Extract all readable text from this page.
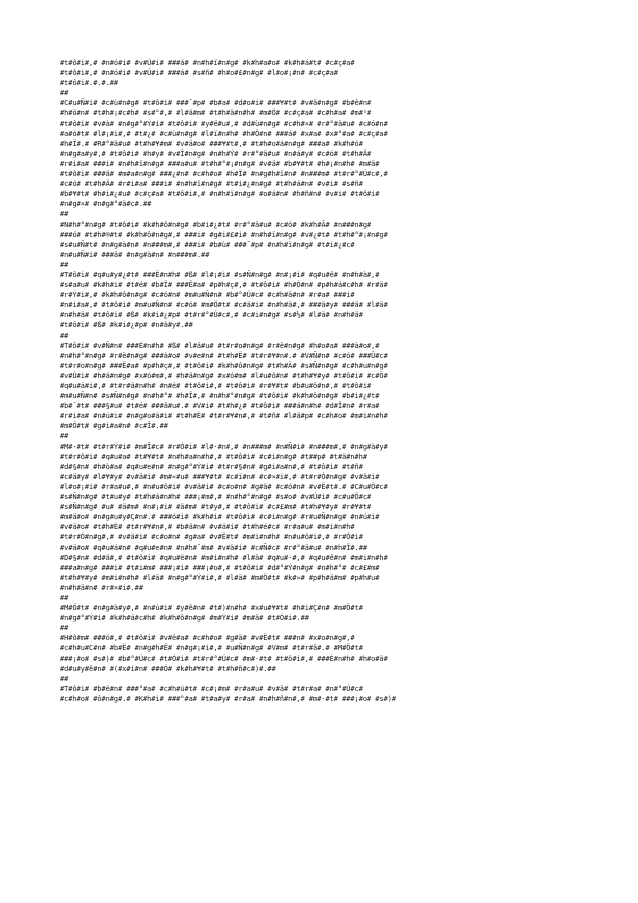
#t#ô#i#,# #n#ó#i# #v#Ú#i# ###á# #n#h#ï#n#g# #k#h#a#o# #k#h#á#t# #c#ç#a#
#t#ô#i#,# #n#ó#i# #v#Ú#i# ###á# #s#ñ# #h#o#£#n#g# #l#o#¡#n# #c#ç#a#
#t#ô#i#.#.#.##
##
#C#u#Ñ#i# #c#ù#n#g# #t#ô#i# ###¯#p# #b#a# #d#o#i# ###¥#t# #v#ä#n#g# #b#ê#n#
#h#ö#n# #t#h#¡#c#h# #s#°#,# #l#ä#m# #t#h#ä#n#h# #m#Ö# #c#ç#a# #c#h#a# #m#¹#
#t#ô#i# #v#à# #n#g#°#Ý#i# #t#ô#i# #y#ë#u#,# #d#ù#n#g# #c#h#×# #r#°#ä#u# #c#ó#n#
#a#ó#t# #l#¡#i#,# #t#¿# #c#ù#n#g# #l#ï#n#h# #h#Ö#n# ###á# #x#a# #x#°#a# #c#ç#a#
#h#Ï#.# #R#°#ä#u# #t#h#¥#m# #v#ä#o# ###¥#t#,# #t#h#o#á#n#g# ###a# #k#h#ó#
#n#g#a#y#,# #t#ô#i# #h#y# #v#Î#n#g# #n#h#Ý# #r#°#ä#u# #n#á#y# #c#ó# #t#h#Ä#
#r#i#a# ###i# #n#h#ï#n#g# ###a#u# #t#h#°#¡#n#g# #v#ä# #b#¥#t# #h#¡#n#h# #m#ä#
#t#ô#i# ###ä# #m#a#n#g# ###¿#n# #c#h#o# #h#Ï# #n#g#h#ï#n# #n###m# #t#r#°#Ú#c#,#
#c#ó# #t#h#Ä# #r#i#a# ###i# #n#h#ï#n#g# #t#i#¿#n#g# #t#h#á#n# #v#i# #s#ñ#
#b#¥#t# #h#i#¿#u# #c#ç#a# #t#ô#i#,# #n#h#ï#n#g# #o#á#n# #h#ñ#n# #v#i# #t#ô#i#
#n#g#×# #n#g#°#ä#c#.##
##
#N#h#°#n#g# #t#ô#i# #k#h#ô#n#g# #b#i#¿#t# #r#°#ä#u# #c#ó# #k#h#Ã# #n###n#g#
###ó# #t#h#®#t# #k#h#ô#n#g#,# ###i# #g#i#£#i# #n#h#ï#n#g# #v#¿#t# #t#h#°#¡#n#g#
#s#u#Ñ#t# #n#g#à#n# #n###m#,# ###i# #b#ù# ###¯#p# #n#h#ï#n#g# #t#i#¿#c#
#n#u#Ñ#i# ###ä# #n#g#à#n# #n###m#.##
##
#T#ô#i# #q#u#y#¿#t# ###Ë#n#h# #ß# #l#¡#i# #s#Ñ#n#g# #n#¡#i# #q#u#ê# #n#h#à#,#
#s#a#u# #k#h#i# #t#é# #b#Ï# ###Ë#a# #p#h#ç#,# #t#ô#i# #h#Ó#n# #p#h#á#c#h# #r#ä#
#r#Ý#i#,# #k#h#ô#n#g# #c#ó#n# #m#u#Ñ#n# #b#°#Ú#c# #c#h#ä#n# #r#a# ###i#
#n#i#a#,# #t#ô#i# #m#u#Ñ#n# #c#ó# #m#Ö#t# #c#ä#i# #n#h#ä#,# ###ä#y# ###ä# #l#ä#
#n#h#ä# #t#ô#i# #ß# #k#i#¿#p# #t#r#°#Ú#c#,# #c#i#n#g# #s#½# #l#ä# #n#h#ä#
#t#ô#i# #ß# #k#i#¿#p# #n#à#y#.##
##
#T#ô#i# #v#Ñ#n# ###È#n#h# #ß# #l#ä#u# #t#r#o#n#g# #r#ë#n#g# #h#o#a# ###à#o#,#
#n#h#°#n#g# #r#ë#n#g# ###à#o# #v#e#n# #t#h#Ë# #t#r#¥#n#.# #V#Ñ#n# #c#ó# ###Û#c#
#t#r#o#n#g# ###Ë#a# #p#h#ç#,# #t#ô#i# #k#h#ô#n#g# #t#h#Ä# #s#Ñ#n#g# #c#h#u#n#g#
#v#Ú#i# #h#á#n#g# #x#ó#m#,# #h#ä#n#g# #x#ó#m# #l#u#ô#n# #t#h#¥#y# #t#ô#i# #c#Ö#
#q#u#á#i#,# #t#r#ä#n#h# #n#é# #t#ô#i#,# #t#ô#i# #r#¥#t# #b#u#ô#n#,# #t#ô#i#
#m#u#Ñ#n# #s#Ñ#n#g# #n#h#°# #h#Ï#,# #n#h#°#n#g# #t#ô#i# #k#h#ô#n#g# #b#i#¿#t#
#b#¯#t# ###§#u# #t#é# ###â#u#.# #V#i# #t#h#¿# #t#ô#i# ###á#n#h# #d#Î#n# #r#a#
#r#i#a# #n#ú#i# #n#g#o#á#i# #t#h#È# #t#r#¥#n#,# #t#ñ# #l#ä#p# #c#h#o# #m#i#n#h#
#m#Ö#t# #g#i#a#n# #c#Î#.##
##
#M#·#t# #t#r#Ý#i# #m#Î#c# #r#Ó#i# #l#·#n#,# #n###m# #n#Ñ#i# #n###m#,# #n#g#à#y#
#t#r#ô#i# #q#u#a# #t#¥#t# #n#h#a#n#h#,# #t#ô#i# #c#i#n#g# #t##p# #t#ä#n#h#
#d#§#n# #h#ò#a# #q#u#e#n# #n#g#°#Ý#i# #t#r#§#n# #g#i#a#n#,# #t#ô#i# #t#ñ#
#c#ä#y# #l#¥#y# #v#ä#i# #m#«#u# ###¥#t# #c#ï#n# #c#×#i#,# #t#r#Ó#n#g# #v#ä#i#
#l#o#¡#i# #r#a#u#,# #n#u#ô#i# #v#ä#i# #c#o#n# #g#ä# #c#ó#n# #v#Ë#t#.# #C#u#Ö#c#
#s#Ñ#n#g# #t#u#y# #t#h#á#n#h# ###¡#m#,# #n#h#°#n#g# #s#o# #v#Ú#i# #c#u#Ö#c#
#s#Ñ#n#g# #u# #ä#m# #n#¡#i# #ä#m# #t#y#,# #t#ô#i# #c#£#m# #t#h#¥#y# #r#¥#t#
#m#ä#o# #n#g#u#y#Ç#n#.# ###ó#i# #k#h#i# #t#ô#i# #c#i#n#g# #r#u#Ñ#n#g# #n#ú#i#
#v#ä#o# #t#h#È# #t#r#¥#n#,# #b#ä#n# #v#ä#i# #t#h#é#c# #r#a#u# #m#i#n#h#
#t#r#Ó#n#g#,# #v#ä#i# #c#o#n# #g#a# #v#Ë#t# #m#i#n#h# #n#u#ô#i#,# #r#Ó#i#
#v#ä#o# #q#u#á#n# #q#u#e#n# #n#h#¯#m# #v#ä#i# #c#Ñ#c# #r#°#ä#u# #n#h#Ï#.##
#D#§#n# #d#ä#,# #t#ô#i# #q#u#ë#n# #m#i#n#h# #l#ä# #q#u#·#,# #q#u#ê#n# #m#i#n#h#
###a#n#g# ###i# #t#i#m# ###¡#i# ###¡#o#,# #t#ô#i# #d#°#Ý#n#g# #n#h#°# #c#£#m#
#t#h#¥#y# #m#i#n#h# #l#ä# #n#g#°#Ý#i#,# #l#ä# #m#Ö#t# #k#»# #p#h#ä#m# #p#h#u#
#n#h#ä#n# #r#×#i#.##
##
#M#Ö#t# #n#g#à#y#,# #n#ú#i# #y#ê#n# #t#)#n#h# #x#u#¥#t# #h#i#Ç#n# #m#Ö#t#
#n#g#°#Ý#i# #k#h#á#c#h# #k#h#ô#n#g# #m#Ý#i# #m#ä# #t#Ó#i#.##
##
#H#ô#m# ###ó#,# #t#ô#i# #v#ë#a# #c#h#o# #g#ä# #v#Ë#t# ###n# #x#o#n#g#,#
#c#h#u#C#n# #b#Ë# #n#g#h#Ë# #n#g#¡#i#,# #u#Ñ#n#g# #V#m# #t#r#ä#.# #M#Ö#t#
###¡#o# #s#)# #b#°#Ú#c# #t#Ó#i# #t#r#°#Ú#c# #m#·#t# #t#ô#i#,# ###È#n#h# #h#o#ä#
#d#u#y#ê#n# #(#x#i#n# ###Ó# #k#h#¥#t# #t#h#ñ#c#)#.##
##
#T#ô#i# #b#ë#n# ###°#a# #c#h#ú#t# #c#¡#m# #r#a#u# #v#ä# #t#r#a# #n#°#Ú#c#
#c#h#o# #ô#n#g#.# #K#h#i# ###°#a# #t#a#y# #r#a# #n#h#ñ#n#,# #m#·#t# ###¡#o# #s#)#
